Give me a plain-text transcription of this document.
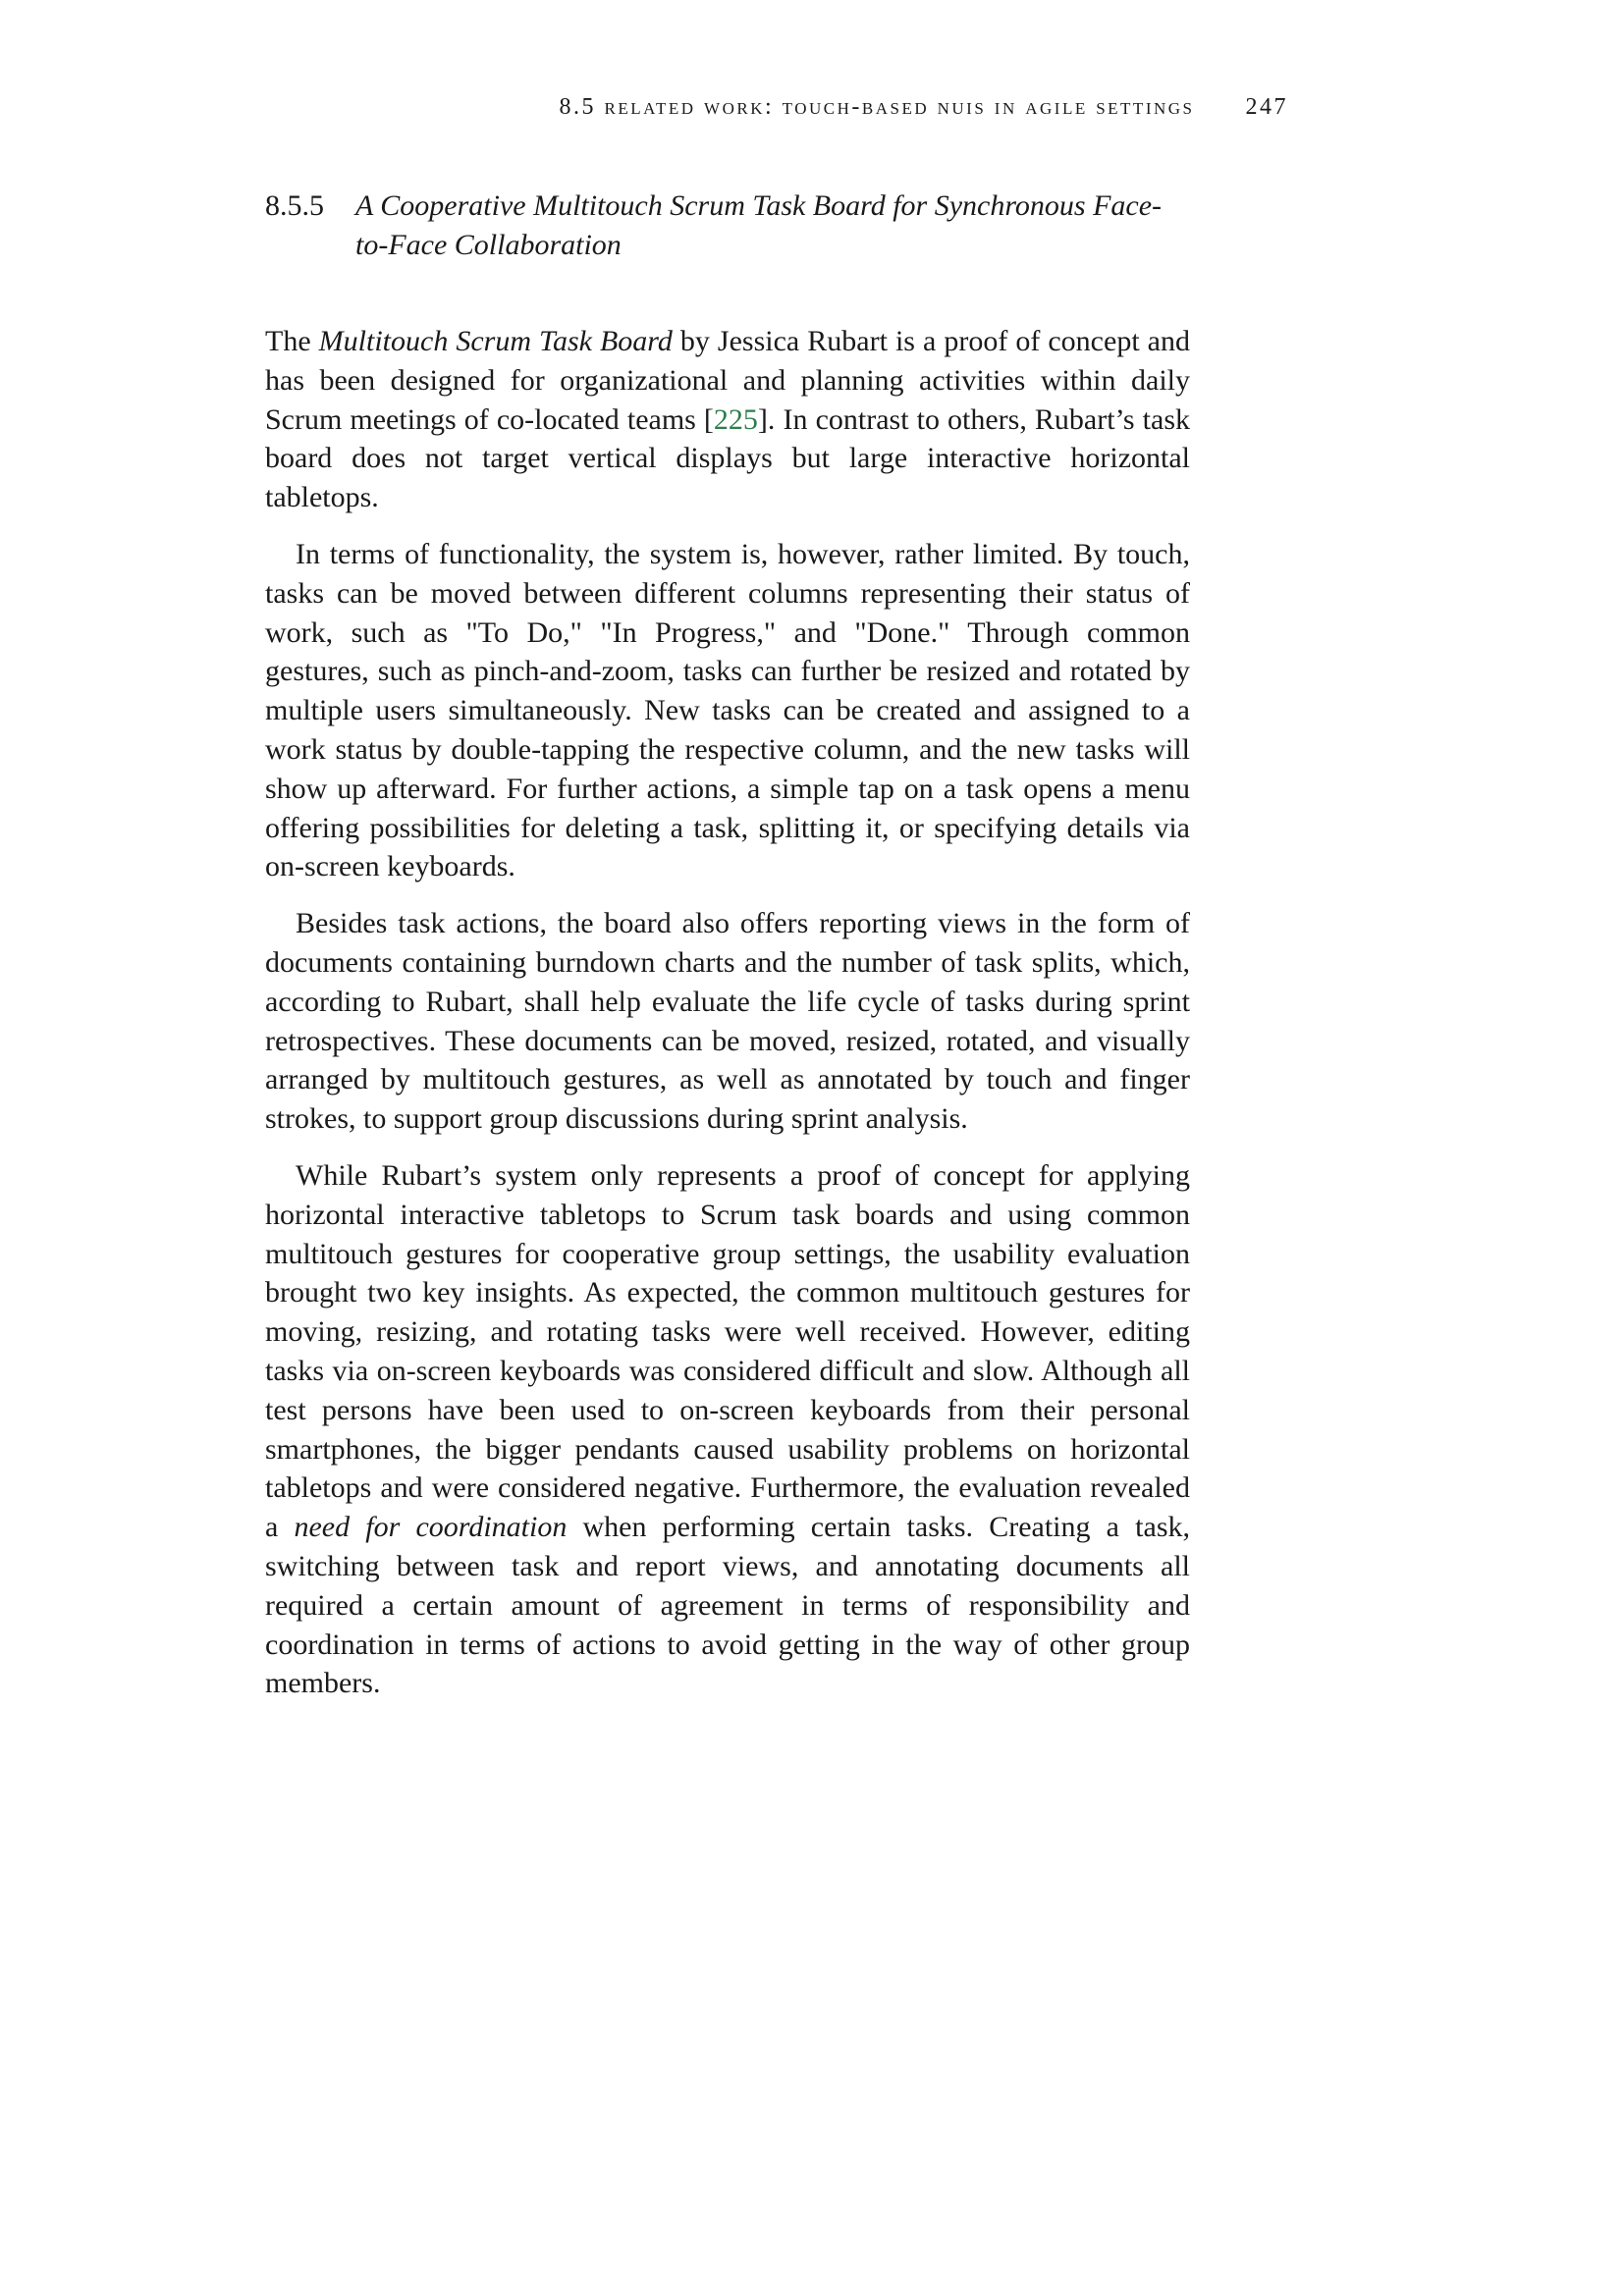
8.5 related work: touch-based nuis in agile settings 247
8.5.5 A Cooperative Multitouch Scrum Task Board for Synchronous Face-to-Face Collaboration

The Multitouch Scrum Task Board by Jessica Rubart is a proof of concept and has been designed for organizational and planning activities within daily Scrum meetings of co-located teams [225]. In contrast to others, Rubart’s task board does not target vertical displays but large interactive horizontal tabletops.

In terms of functionality, the system is, however, rather limited. By touch, tasks can be moved between different columns representing their status of work, such as "To Do," "In Progress," and "Done." Through common gestures, such as pinch-and-zoom, tasks can further be resized and rotated by multiple users simultaneously. New tasks can be created and assigned to a work status by double-tapping the respective column, and the new tasks will show up afterward. For further actions, a simple tap on a task opens a menu offering possibilities for deleting a task, splitting it, or specifying details via on-screen keyboards.

Besides task actions, the board also offers reporting views in the form of documents containing burndown charts and the number of task splits, which, according to Rubart, shall help evaluate the life cycle of tasks during sprint retrospectives. These documents can be moved, resized, rotated, and visually arranged by multitouch gestures, as well as annotated by touch and finger strokes, to support group discussions during sprint analysis.

While Rubart’s system only represents a proof of concept for applying horizontal interactive tabletops to Scrum task boards and using common multitouch gestures for cooperative group settings, the usability evaluation brought two key insights. As expected, the common multitouch gestures for moving, resizing, and rotating tasks were well received. However, editing tasks via on-screen keyboards was considered difficult and slow. Although all test persons have been used to on-screen keyboards from their personal smartphones, the bigger pendants caused usability problems on horizontal tabletops and were considered negative. Furthermore, the evaluation revealed a need for coordination when performing certain tasks. Creating a task, switching between task and report views, and annotating documents all required a certain amount of agreement in terms of responsibility and coordination in terms of actions to avoid getting in the way of other group members.
